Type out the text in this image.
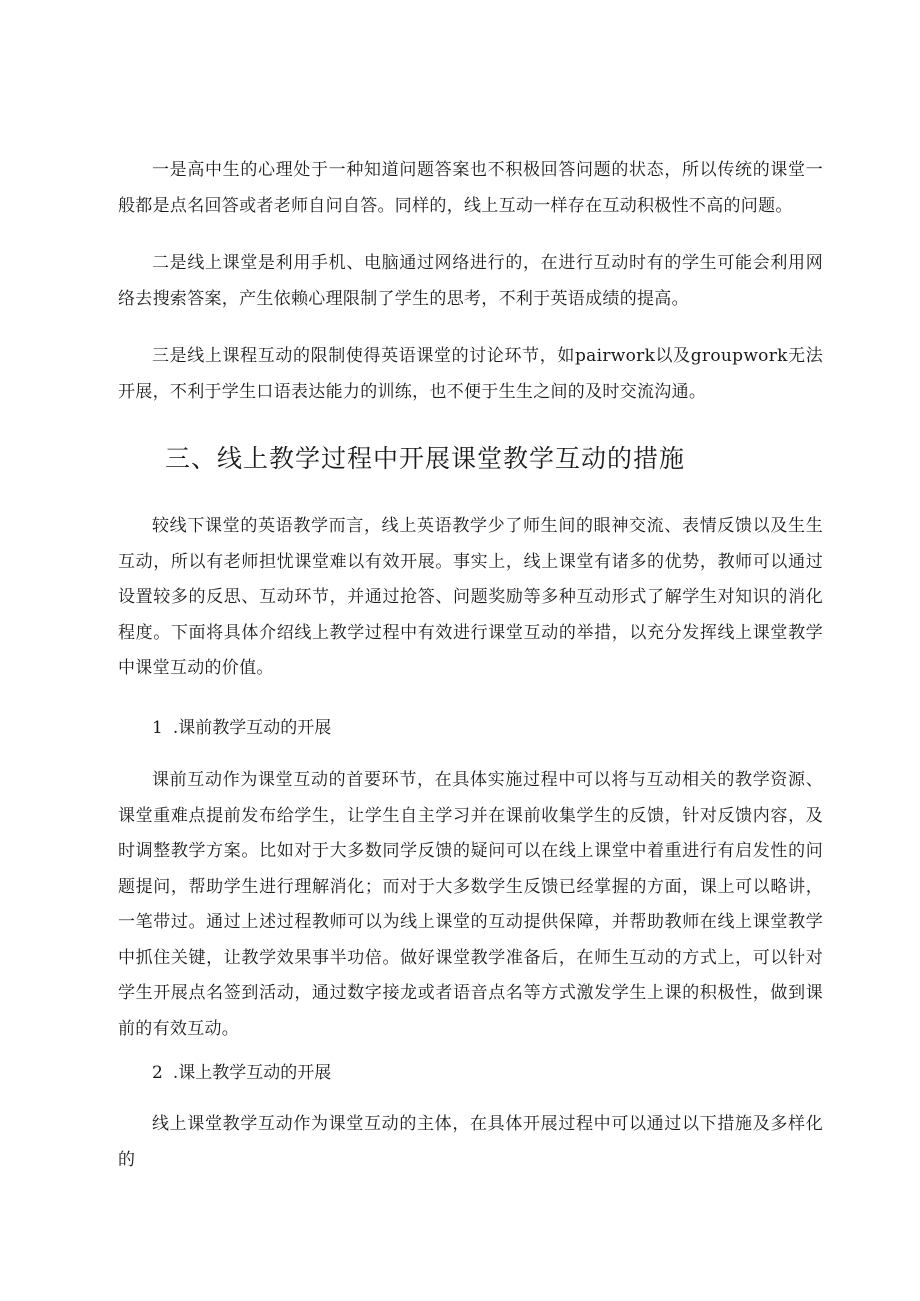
一是高中生的心理处于一种知道问题答案也不积极回答问题的状态，所以传统的课堂一般都是点名回答或者老师自问自答。同样的，线上互动一样存在互动积极性不高的问题。

二是线上课堂是利用手机、电脑通过网络进行的，在进行互动时有的学生可能会利用网络去搜索答案，产生依赖心理限制了学生的思考，不利于英语成绩的提高。

三是线上课程互动的限制使得英语课堂的讨论环节，如pairwork以及groupwork无法开展，不利于学生口语表达能力的训练，也不便于生生之间的及时交流沟通。

三、线上教学过程中开展课堂教学互动的措施

较线下课堂的英语教学而言，线上英语教学少了师生间的眼神交流、表情反馈以及生生互动，所以有老师担忧课堂难以有效开展。事实上，线上课堂有诸多的优势，教师可以通过设置较多的反思、互动环节，并通过抢答、问题奖励等多种互动形式了解学生对知识的消化程度。下面将具体介绍线上教学过程中有效进行课堂互动的举措，以充分发挥线上课堂教学中课堂互动的价值。

1 .课前教学互动的开展

课前互动作为课堂互动的首要环节，在具体实施过程中可以将与互动相关的教学资源、课堂重难点提前发布给学生，让学生自主学习并在课前收集学生的反馈，针对反馈内容，及时调整教学方案。比如对于大多数同学反馈的疑问可以在线上课堂中着重进行有启发性的问题提问，帮助学生进行理解消化；而对于大多数学生反馈已经掌握的方面，课上可以略讲，一笔带过。通过上述过程教师可以为线上课堂的互动提供保障，并帮助教师在线上课堂教学中抓住关键，让教学效果事半功倍。做好课堂教学准备后，在师生互动的方式上，可以针对学生开展点名签到活动，通过数字接龙或者语音点名等方式激发学生上课的积极性，做到课前的有效互动。

2 .课上教学互动的开展

线上课堂教学互动作为课堂互动的主体，在具体开展过程中可以通过以下措施及多样化的
